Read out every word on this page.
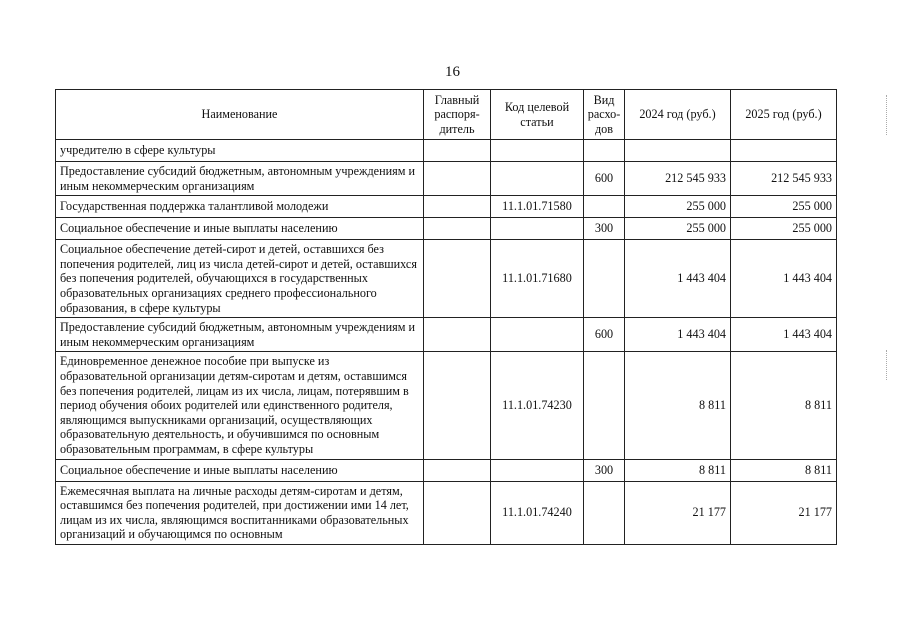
16
Наименование	Главный распоря-дитель	Код целевой статьи	Вид расхо-дов	2024 год (руб.)	2025 год (руб.)
учредителю в сфере культуры					
Предоставление субсидий бюджетным, автономным учреждениям и иным некоммерческим организациям			600	212 545 933	212 545 933
Государственная поддержка талантливой молодежи		11.1.01.71580		255 000	255 000
Социальное обеспечение и иные выплаты населению			300	255 000	255 000
Социальное обеспечение детей-сирот и детей, оставшихся без попечения родителей, лиц из числа детей-сирот и детей, оставшихся без попечения родителей, обучающихся в государственных образовательных организациях среднего профессионального образования, в сфере культуры		11.1.01.71680		1 443 404	1 443 404
Предоставление субсидий бюджетным, автономным учреждениям и иным некоммерческим организациям			600	1 443 404	1 443 404
Единовременное денежное пособие при выпуске из образовательной организации детям-сиротам и детям, оставшимся без попечения родителей, лицам из их числа, лицам, потерявшим в период обучения обоих родителей или единственного родителя, являющимся выпускниками организаций, осуществляющих образовательную деятельность, и обучившимся по основным образовательным программам, в сфере культуры		11.1.01.74230		8 811	8 811
Социальное обеспечение и иные выплаты населению			300	8 811	8 811
Ежемесячная выплата на личные расходы детям-сиротам и детям, оставшимся без попечения родителей, при достижении ими 14 лет, лицам из их числа, являющимся воспитанниками образовательных организаций и обучающимся по основным		11.1.01.74240		21 177	21 177
